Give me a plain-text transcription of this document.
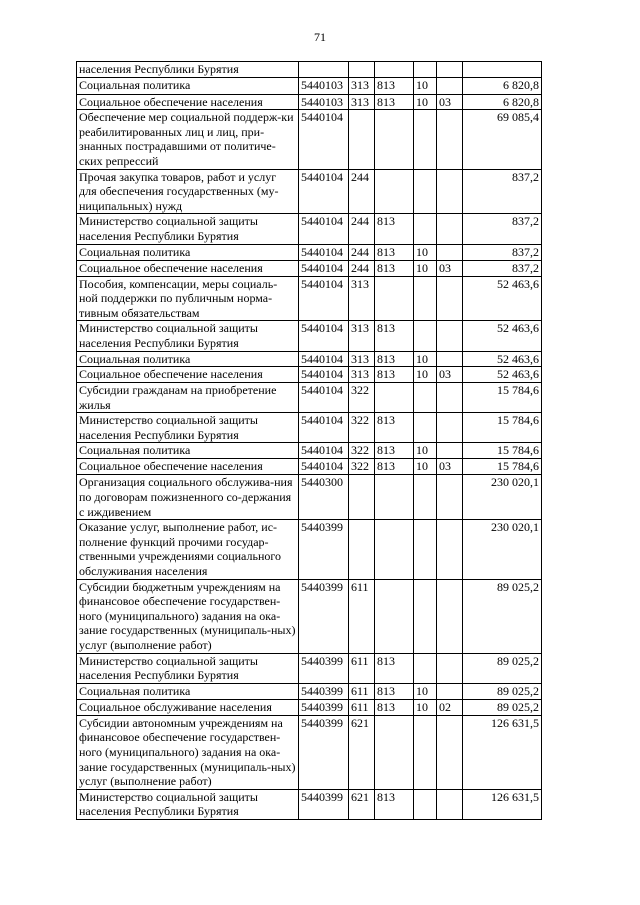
71
населения Республики Бурятия						
Социальная политика	5440103	313	813	10		6 820,8
Социальное обеспечение населения	5440103	313	813	10	03	6 820,8
Обеспечение мер социальной поддерж-ки реабилитированных лиц и лиц, при-знанных пострадавшими от политиче-ских репрессий	5440104					69 085,4
Прочая закупка товаров, работ и услуг для обеспечения государственных (му-ниципальных) нужд	5440104	244				837,2
Министерство социальной защиты населения Республики Бурятия	5440104	244	813			837,2
Социальная политика	5440104	244	813	10		837,2
Социальное обеспечение населения	5440104	244	813	10	03	837,2
Пособия, компенсации, меры социаль-ной поддержки по публичным норма-тивным обязательствам	5440104	313				52 463,6
Министерство социальной защиты населения Республики Бурятия	5440104	313	813			52 463,6
Социальная политика	5440104	313	813	10		52 463,6
Социальное обеспечение населения	5440104	313	813	10	03	52 463,6
Субсидии гражданам на приобретение жилья	5440104	322				15 784,6
Министерство социальной защиты населения Республики Бурятия	5440104	322	813			15 784,6
Социальная политика	5440104	322	813	10		15 784,6
Социальное обеспечение населения	5440104	322	813	10	03	15 784,6
Организация социального обслужива-ния по договорам пожизненного со-держания с иждивением	5440300					230 020,1
Оказание услуг, выполнение работ, ис-полнение функций прочими государ-ственными учреждениями социального обслуживания населения	5440399					230 020,1
Субсидии бюджетным учреждениям на финансовое обеспечение государствен-ного (муниципального) задания на ока-зание государственных (муниципаль-ных) услуг (выполнение работ)	5440399	611				89 025,2
Министерство социальной защиты населения Республики Бурятия	5440399	611	813			89 025,2
Социальная политика	5440399	611	813	10		89 025,2
Социальное обслуживание населения	5440399	611	813	10	02	89 025,2
Субсидии автономным учреждениям на финансовое обеспечение государствен-ного (муниципального) задания на ока-зание государственных (муниципаль-ных) услуг (выполнение работ)	5440399	621				126 631,5
Министерство социальной защиты населения Республики Бурятия	5440399	621	813			126 631,5
